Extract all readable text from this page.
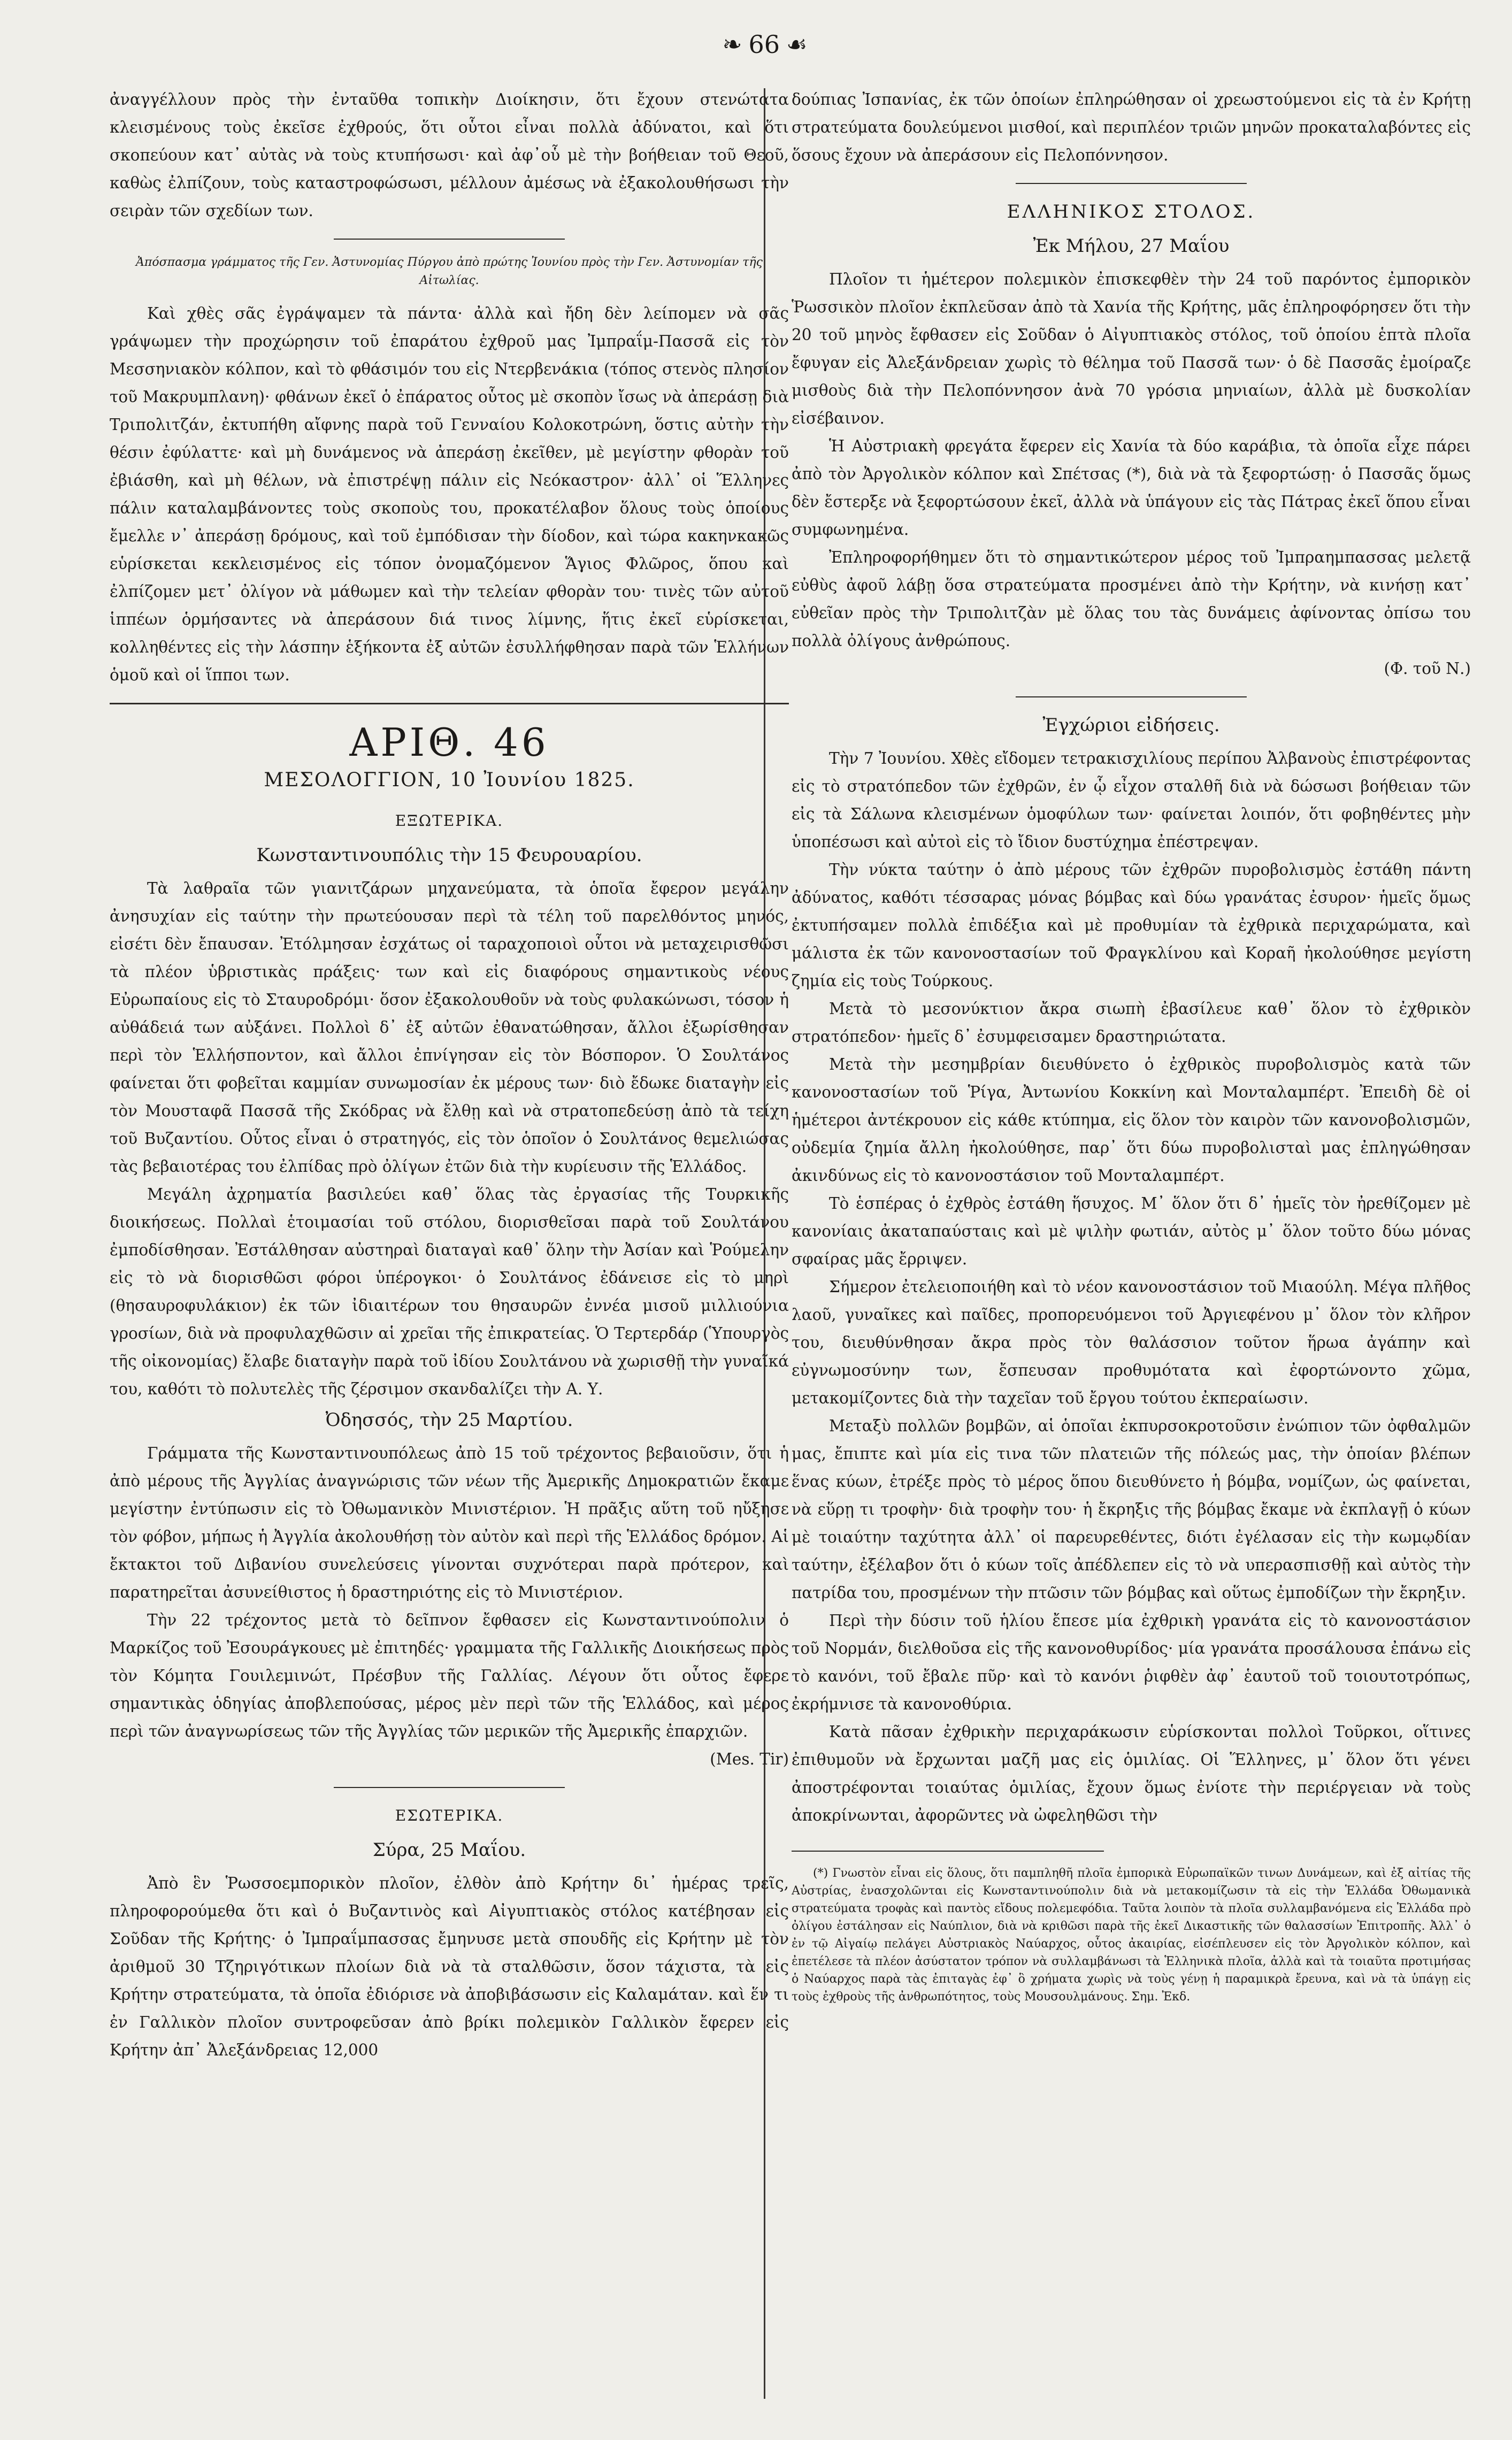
❧ 66 ☙

ἀναγγέλλουν πρὸς τὴν ἐνταῦθα τοπικὴν Διοίκησιν, ὅτι ἔχουν στενώτατα κλεισμένους τοὺς ἐκεῖσε ἐχθρούς, ὅτι οὗτοι εἶναι πολλὰ ἀδύνατοι, καὶ ὅτι σκοπεύουν κατ᾽ αὐτὰς νὰ τοὺς κτυπήσωσι· καὶ ἀφ᾽οὗ μὲ τὴν βοήθειαν τοῦ Θεοῦ, καθὼς ἐλπίζουν, τοὺς καταστροφώσωσι, μέλλουν ἀμέσως νὰ ἐξακολουθήσωσι τὴν σειρὰν τῶν σχεδίων των.

Ἀπόσπασμα γράμματος τῆς Γεν. Ἀστυνομίας Πύργου ἀπὸ πρώτης Ἰουνίου πρὸς τὴν Γεν. Ἀστυνομίαν τῆς Αἰτωλίας.

Καὶ χθὲς σᾶς ἐγράψαμεν τὰ πάντα· ἀλλὰ καὶ ἤδη δὲν λείπομεν νὰ σᾶς γράψωμεν τὴν προχώρησιν τοῦ ἐπαράτου ἐχθροῦ μας Ἰμπραΐμ-Πασσᾶ εἰς τὸν Μεσσηνιακὸν κόλπον, καὶ τὸ φθάσιμόν του εἰς Ντερβενάκια (τόπος στενὸς πλησίον τοῦ Μακρυμπλανη)· φθάνων ἐκεῖ ὁ ἐπάρατος οὗτος μὲ σκοπὸν ἴσως νὰ ἀπεράσῃ διὰ Τριπολιτζάν, ἐκτυπήθη αἴφνης παρὰ τοῦ Γενναίου Κολοκοτρώνη, ὅστις αὐτὴν τὴν θέσιν ἐφύλαττε· καὶ μὴ δυνάμενος νὰ ἀπεράσῃ ἐκεῖθεν, μὲ μεγίστην φθορὰν τοῦ ἐβιάσθη, καὶ μὴ θέλων, νὰ ἐπιστρέψῃ πάλιν εἰς Νεόκαστρον· ἀλλ᾽ οἱ Ἕλληνες πάλιν καταλαμβάνοντες τοὺς σκοποὺς του, προκατέλαβον ὅλους τοὺς ὁποίους ἔμελλε ν᾽ ἀπεράσῃ δρόμους, καὶ τοῦ ἐμπόδισαν τὴν δίοδον, καὶ τώρα κακηνκακῶς εὑρίσκεται κεκλεισμένος εἰς τόπον ὀνομαζόμενον Ἅγιος Φλῶρος, ὅπου καὶ ἐλπίζομεν μετ᾽ ὀλίγον νὰ μάθωμεν καὶ τὴν τελείαν φθορὰν του· τινὲς τῶν αὐτοῦ ἱππέων ὁρμήσαντες νὰ ἀπεράσουν διά τινος λίμνης, ἥτις ἐκεῖ εὑρίσκεται, κολληθέντες εἰς τὴν λάσπην ἑξήκοντα ἐξ αὐτῶν ἐσυλλήφθησαν παρὰ τῶν Ἑλλήνων ὁμοῦ καὶ οἱ ἵπποι των.

ΑΡΙΘ. 46

ΜΕΣΟΛΟΓΓΙΟΝ, 10 Ἰουνίου 1825.

ΕΞΩΤΕΡΙΚΑ.

Κωνσταντινουπόλις τὴν 15 Φευρουαρίου.

Τὰ λαθραῖα τῶν γιανιτζάρων μηχανεύματα, τὰ ὁποῖα ἔφερον μεγάλην ἀνησυχίαν εἰς ταύτην τὴν πρωτεύουσαν περὶ τὰ τέλη τοῦ παρελθόντος μηνός, εἰσέτι δὲν ἔπαυσαν. Ἐτόλμησαν ἐσχάτως οἱ ταραχοποιοὶ οὗτοι νὰ μεταχειρισθῶσι τὰ πλέον ὑβριστικὰς πράξεις· των καὶ εἰς διαφόρους σημαντικοὺς νέους Εὐρωπαίους εἰς τὸ Σταυροδρόμι· ὅσον ἐξακολουθοῦν νὰ τοὺς φυλακώνωσι, τόσον ἡ αὐθάδειά των αὐξάνει. Πολλοὶ δ᾽ ἐξ αὐτῶν ἐθανατώθησαν, ἄλλοι ἐξωρίσθησαν περὶ τὸν Ἑλλήσποντον, καὶ ἄλλοι ἐπνίγησαν εἰς τὸν Βόσπορον. Ὁ Σουλτάνος φαίνεται ὅτι φοβεῖται καμμίαν συνωμοσίαν ἐκ μέρους των· διὸ ἔδωκε διαταγὴν εἰς τὸν Μουσταφᾶ Πασσᾶ τῆς Σκόδρας νὰ ἔλθῃ καὶ νὰ στρατοπεδεύσῃ ἀπὸ τὰ τείχη τοῦ Βυζαντίου. Οὗτος εἶναι ὁ στρατηγός, εἰς τὸν ὁποῖον ὁ Σουλτάνος θεμελιώσας τὰς βεβαιοτέρας του ἐλπίδας πρὸ ὀλίγων ἐτῶν διὰ τὴν κυρίευσιν τῆς Ἑλλάδος.

Μεγάλη ἀχρηματία βασιλεύει καθ᾽ ὅλας τὰς ἐργασίας τῆς Τουρκικῆς διοικήσεως. Πολλαὶ ἑτοιμασίαι τοῦ στόλου, διορισθεῖσαι παρὰ τοῦ Σουλτάνου ἐμποδίσθησαν. Ἐστάλθησαν αὐστηραὶ διαταγαὶ καθ᾽ ὅλην τὴν Ἀσίαν καὶ Ῥούμελην εἰς τὸ νὰ διορισθῶσι φόροι ὑπέρογκοι· ὁ Σουλτάνος ἐδάνεισε εἰς τὸ μηρὶ (θησαυροφυλάκιον) ἐκ τῶν ἰδιαιτέρων του θησαυρῶν ἐννέα μισοῦ μιλλιούνια γροσίων, διὰ νὰ προφυλαχθῶσιν αἱ χρεῖαι τῆς ἐπικρατείας. Ὁ Τερτερδάρ (Ὑπουργὸς τῆς οἰκονομίας) ἔλαβε διαταγὴν παρὰ τοῦ ἰδίου Σουλτάνου νὰ χωρισθῇ τὴν γυναῖκά του, καθότι τὸ πολυτελὲς τῆς ζέρσιμον σκανδαλίζει τὴν Α. Υ.

Ὀδησσός, τὴν 25 Μαρτίου.

Γράμματα τῆς Κωνσταντινουπόλεως ἀπὸ 15 τοῦ τρέχοντος βεβαιοῦσιν, ὅτι ἡ ἀπὸ μέρους τῆς Ἀγγλίας ἀναγνώρισις τῶν νέων τῆς Ἀμερικῆς Δημοκρατιῶν ἔκαμε μεγίστην ἐντύπωσιν εἰς τὸ Ὀθωμανικὸν Μινιστέριον. Ἡ πρᾶξις αὕτη τοῦ ηὔξησε τὸν φόβον, μήπως ἡ Ἀγγλία ἀκολουθήσῃ τὸν αὐτὸν καὶ περὶ τῆς Ἑλλάδος δρόμον. Αἱ ἔκτακτοι τοῦ Διβανίου συνελεύσεις γίνονται συχνότεραι παρὰ πρότερον, καὶ παρατηρεῖται ἀσυνείθιστος ἡ δραστηριότης εἰς τὸ Μινιστέριον.

Τὴν 22 τρέχοντος μετὰ τὸ δεῖπνον ἔφθασεν εἰς Κωνσταντινούπολιν ὁ Μαρκίζος τοῦ Ἐσουράγκουες μὲ ἐπιτηδές· γραμματα τῆς Γαλλικῆς Διοικήσεως πρὸς τὸν Κόμητα Γουιλεμινώτ, Πρέσβυν τῆς Γαλλίας. Λέγουν ὅτι οὗτος ἔφερε σημαντικὰς ὁδηγίας ἀποβλεπούσας, μέρος μὲν περὶ τῶν τῆς Ἑλλάδος, καὶ μέρος περὶ τῶν ἀναγνωρίσεως τῶν τῆς Ἀγγλίας τῶν μερικῶν τῆς Ἀμερικῆς ἐπαρχιῶν.

(Mes. Tir)

ΕΣΩΤΕΡΙΚΑ.

Σύρα, 25 Μαΐου.

Ἀπὸ ἓν Ῥωσσοεμπορικὸν πλοῖον, ἐλθὸν ἀπὸ Κρήτην δι᾽ ἡμέρας τρεῖς, πληροφορούμεθα ὅτι καὶ ὁ Βυζαντινὸς καὶ Αἰγυπτιακὸς στόλος κατέβησαν εἰς Σοῦδαν τῆς Κρήτης· ὁ Ἰμπραΐμπασσας ἔμηνυσε μετὰ σπουδῆς εἰς Κρήτην μὲ τὸν ἀριθμοῦ 30 Τζηριγότικων πλοίων διὰ νὰ τὰ σταλθῶσιν, ὅσον τάχιστα, τὰ εἰς Κρήτην στρατεύματα, τὰ ὁποῖα ἐδιόρισε νὰ ἀποβιβάσωσιν εἰς Καλαμάταν. καὶ ἕν τι ἐν Γαλλικὸν πλοῖον συντροφεῦσαν ἀπὸ βρίκι πολεμικὸν Γαλλικὸν ἔφερεν εἰς Κρήτην ἀπ᾽ Ἀλεξάνδρειας 12,000

δούπιας Ἰσπανίας, ἐκ τῶν ὁποίων ἐπληρώθησαν οἱ χρεωστούμενοι εἰς τὰ ἐν Κρήτῃ στρατεύματα δουλεύμενοι μισθοί, καὶ περιπλέον τριῶν μηνῶν προκαταλαβόντες εἰς ὅσους ἔχουν νὰ ἀπεράσουν εἰς Πελοπόννησον.

ΕΛΛΗΝΙΚΟΣ ΣΤΟΛΟΣ.

Ἐκ Μήλου, 27 Μαΐου

Πλοῖον τι ἡμέτερον πολεμικὸν ἐπισκεφθὲν τὴν 24 τοῦ παρόντος ἐμπορικὸν Ῥωσσικὸν πλοῖον ἐκπλεῦσαν ἀπὸ τὰ Χανία τῆς Κρήτης, μᾶς ἐπληροφόρησεν ὅτι τὴν 20 τοῦ μηνὸς ἔφθασεν εἰς Σοῦδαν ὁ Αἰγυπτιακὸς στόλος, τοῦ ὁποίου ἑπτὰ πλοῖα ἔφυγαν εἰς Ἀλεξάνδρειαν χωρὶς τὸ θέλημα τοῦ Πασσᾶ των· ὁ δὲ Πασσᾶς ἐμοίραζε μισθοὺς διὰ τὴν Πελοπόννησον ἀνὰ 70 γρόσια μηνιαίων, ἀλλὰ μὲ δυσκολίαν εἰσέβαινον.

Ἡ Αὐστριακὴ φρεγάτα ἔφερεν εἰς Χανία τὰ δύο καράβια, τὰ ὁποῖα εἶχε πάρει ἀπὸ τὸν Ἀργολικὸν κόλπον καὶ Σπέτσας (*), διὰ νὰ τὰ ξεφορτώσῃ· ὁ Πασσᾶς ὅμως δὲν ἔστερξε νὰ ξεφορτώσουν ἐκεῖ, ἀλλὰ νὰ ὑπάγουν εἰς τὰς Πάτρας ἐκεῖ ὅπου εἶναι συμφωνημένα.

Ἐπληροφορήθημεν ὅτι τὸ σημαντικώτερον μέρος τοῦ Ἰμπραημπασσας μελετᾷ εὐθὺς ἀφοῦ λάβῃ ὅσα στρατεύματα προσμένει ἀπὸ τὴν Κρήτην, νὰ κινήσῃ κατ᾽ εὐθεῖαν πρὸς τὴν Τριπολιτζὰν μὲ ὅλας του τὰς δυνάμεις ἀφίνοντας ὀπίσω του πολλὰ ὀλίγους ἀνθρώπους.

(Φ. τοῦ Ν.)

Ἐγχώριοι εἰδήσεις.

Τὴν 7 Ἰουνίου. Χθὲς εἴδομεν τετρακισχιλίους περίπου Ἀλβανοὺς ἐπιστρέφοντας εἰς τὸ στρατόπεδον τῶν ἐχθρῶν, ἐν ᾧ εἶχον σταλθῆ διὰ νὰ δώσωσι βοήθειαν τῶν εἰς τὰ Σάλωνα κλεισμένων ὁμοφύλων των· φαίνεται λοιπόν, ὅτι φοβηθέντες μὴν ὑποπέσωσι καὶ αὐτοὶ εἰς τὸ ἴδιον δυστύχημα ἐπέστρεψαν.

Τὴν νύκτα ταύτην ὁ ἀπὸ μέρους τῶν ἐχθρῶν πυροβολισμὸς ἐστάθη πάντη ἀδύνατος, καθότι τέσσαρας μόνας βόμβας καὶ δύω γρανάτας ἐσυρον· ἡμεῖς ὅμως ἐκτυπήσαμεν πολλὰ ἐπιδέξια καὶ μὲ προθυμίαν τὰ ἐχθρικὰ περιχαρώματα, καὶ μάλιστα ἐκ τῶν κανονοστασίων τοῦ Φραγκλίνου καὶ Κοραῆ ἠκολούθησε μεγίστη ζημία εἰς τοὺς Τούρκους.

Μετὰ τὸ μεσονύκτιον ἄκρα σιωπὴ ἐβασίλευε καθ᾽ ὅλον τὸ ἐχθρικὸν στρατόπεδον· ἡμεῖς δ᾽ ἐσυμφεισαμεν δραστηριώτατα.

Μετὰ τὴν μεσημβρίαν διευθύνετο ὁ ἐχθρικὸς πυροβολισμὸς κατὰ τῶν κανονοστασίων τοῦ Ῥίγα, Ἀντωνίου Κοκκίνη καὶ Μονταλαμπέρτ. Ἐπειδὴ δὲ οἱ ἡμέτεροι ἀντέκρουον εἰς κάθε κτύπημα, εἰς ὅλον τὸν καιρὸν τῶν κανονοβολισμῶν, οὐδεμία ζημία ἄλλη ἠκολούθησε, παρ᾽ ὅτι δύω πυροβολισταὶ μας ἐπληγώθησαν ἀκινδύνως εἰς τὸ κανονοστάσιον τοῦ Μονταλαμπέρτ.

Τὸ ἑσπέρας ὁ ἐχθρὸς ἐστάθη ἥσυχος. Μ᾽ ὅλον ὅτι δ᾽ ἡμεῖς τὸν ἠρεθίζομεν μὲ κανονίαις ἀκαταπαύσταις καὶ μὲ ψιλὴν φωτιάν, αὐτὸς μ᾽ ὅλον τοῦτο δύω μόνας σφαίρας μᾶς ἔρριψεν.

Σήμερον ἐτελειοποιήθη καὶ τὸ νέον κανονοστάσιον τοῦ Μιαούλη. Μέγα πλῆθος λαοῦ, γυναῖκες καὶ παῖδες, προπορευόμενοι τοῦ Ἀργιεφένου μ᾽ ὅλον τὸν κλῆρον του, διευθύνθησαν ἄκρα πρὸς τὸν θαλάσσιον τοῦτον ἥρωα ἀγάπην καὶ εὐγνωμοσύνην των, ἔσπευσαν προθυμότατα καὶ ἐφορτώνοντο χῶμα, μετακομίζοντες διὰ τὴν ταχεῖαν τοῦ ἔργου τούτου ἐκπεραίωσιν.

Μεταξὺ πολλῶν βομβῶν, αἱ ὁποῖαι ἐκπυρσοκροτοῦσιν ἐνώπιον τῶν ὀφθαλμῶν μας, ἔπιπτε καὶ μία εἰς τινα τῶν πλατειῶν τῆς πόλεώς μας, τὴν ὁποίαν βλέπων ἕνας κύων, ἐτρέξε πρὸς τὸ μέρος ὅπου διευθύνετο ἡ βόμβα, νομίζων, ὡς φαίνεται, νὰ εὕρῃ τι τροφὴν· διὰ τροφὴν του· ἡ ἔκρηξις τῆς βόμβας ἔκαμε νὰ ἐκπλαγῇ ὁ κύων μὲ τοιαύτην ταχύτητα ἀλλ᾽ οἱ παρευρεθέντες, διότι ἐγέλασαν εἰς τὴν κωμῳδίαν ταύτην, ἐξέλαβον ὅτι ὁ κύων τοῖς ἀπέδλεπεν εἰς τὸ νὰ υπερασπισθῇ καὶ αὐτὸς τὴν πατρίδα του, προσμένων τὴν πτῶσιν τῶν βόμβας καὶ οὕτως ἐμποδίζων τὴν ἔκρηξιν.

Περὶ τὴν δύσιν τοῦ ἡλίου ἔπεσε μία ἐχθρικὴ γρανάτα εἰς τὸ κανονοστάσιον τοῦ Νορμάν, διελθοῦσα εἰς τῆς κανονοθυρίδος· μία γρανάτα προσάλουσα ἐπάνω εἰς τὸ κανόνι, τοῦ ἔβαλε πῦρ· καὶ τὸ κανόνι ῥιφθὲν ἀφ᾽ ἑαυτοῦ τοῦ τοιουτοτρόπως, ἐκρήμνισε τὰ κανονοθύρια.

Κατὰ πᾶσαν ἐχθρικὴν περιχαράκωσιν εὑρίσκονται πολλοὶ Τοῦρκοι, οἵτινες ἐπιθυμοῦν νὰ ἔρχωνται μαζῆ μας εἰς ὁμιλίας. Οἱ Ἕλληνες, μ᾽ ὅλον ὅτι γένει ἀποστρέφονται τοιαύτας ὁμιλίας, ἔχουν ὅμως ἐνίοτε τὴν περιέργειαν νὰ τοὺς ἀποκρίνωνται, ἀφορῶντες νὰ ὠφεληθῶσι τὴν

(*) Γνωστὸν εἶναι εἰς ὅλους, ὅτι παμπληθῆ πλοῖα ἐμπορικὰ Εὐρωπαϊκῶν τινων Δυνάμεων, καὶ ἐξ αἰτίας τῆς Αὐστρίας, ἐνασχολῶνται εἰς Κωνσταντινούπολιν διὰ νὰ μετακομίζωσιν τὰ εἰς τὴν Ἑλλάδα Ὀθωμανικὰ στρατεύματα τροφὰς καὶ παντὸς εἴδους πολεμεφόδια. Ταῦτα λοιπὸν τὰ πλοῖα συλλαμβανόμενα εἰς Ἑλλάδα πρὸ ὀλίγου ἐστάλησαν εἰς Ναύπλιον, διὰ νὰ κριθῶσι παρὰ τῆς ἐκεῖ Δικαστικῆς τῶν θαλασσίων Ἐπιτροπῆς. Ἀλλ᾽ ὁ ἐν τῷ Αἰγαίῳ πελάγει Αὐστριακὸς Ναύαρχος, οὗτος ἀκαιρίας, εἰσέπλευσεν εἰς τὸν Ἀργολικὸν κόλπον, καὶ ἐπετέλεσε τὰ πλέον ἀσύστατον τρόπον νὰ συλλαμβάνωσι τὰ Ἑλληνικὰ πλοῖα, ἀλλὰ καὶ τὰ τοιαῦτα προτιμήσας ὁ Ναύαρχος παρὰ τὰς ἐπιταγὰς ἐφ᾽ ὃ χρήματα χωρὶς νὰ τοὺς γένῃ ἡ παραμικρὰ ἔρευνα, καὶ νὰ τὰ ὑπάγῃ εἰς τοὺς ἐχθροὺς τῆς ἀνθρωπότητος, τοὺς Μουσουλμάνους. Σημ. Ἐκδ.
